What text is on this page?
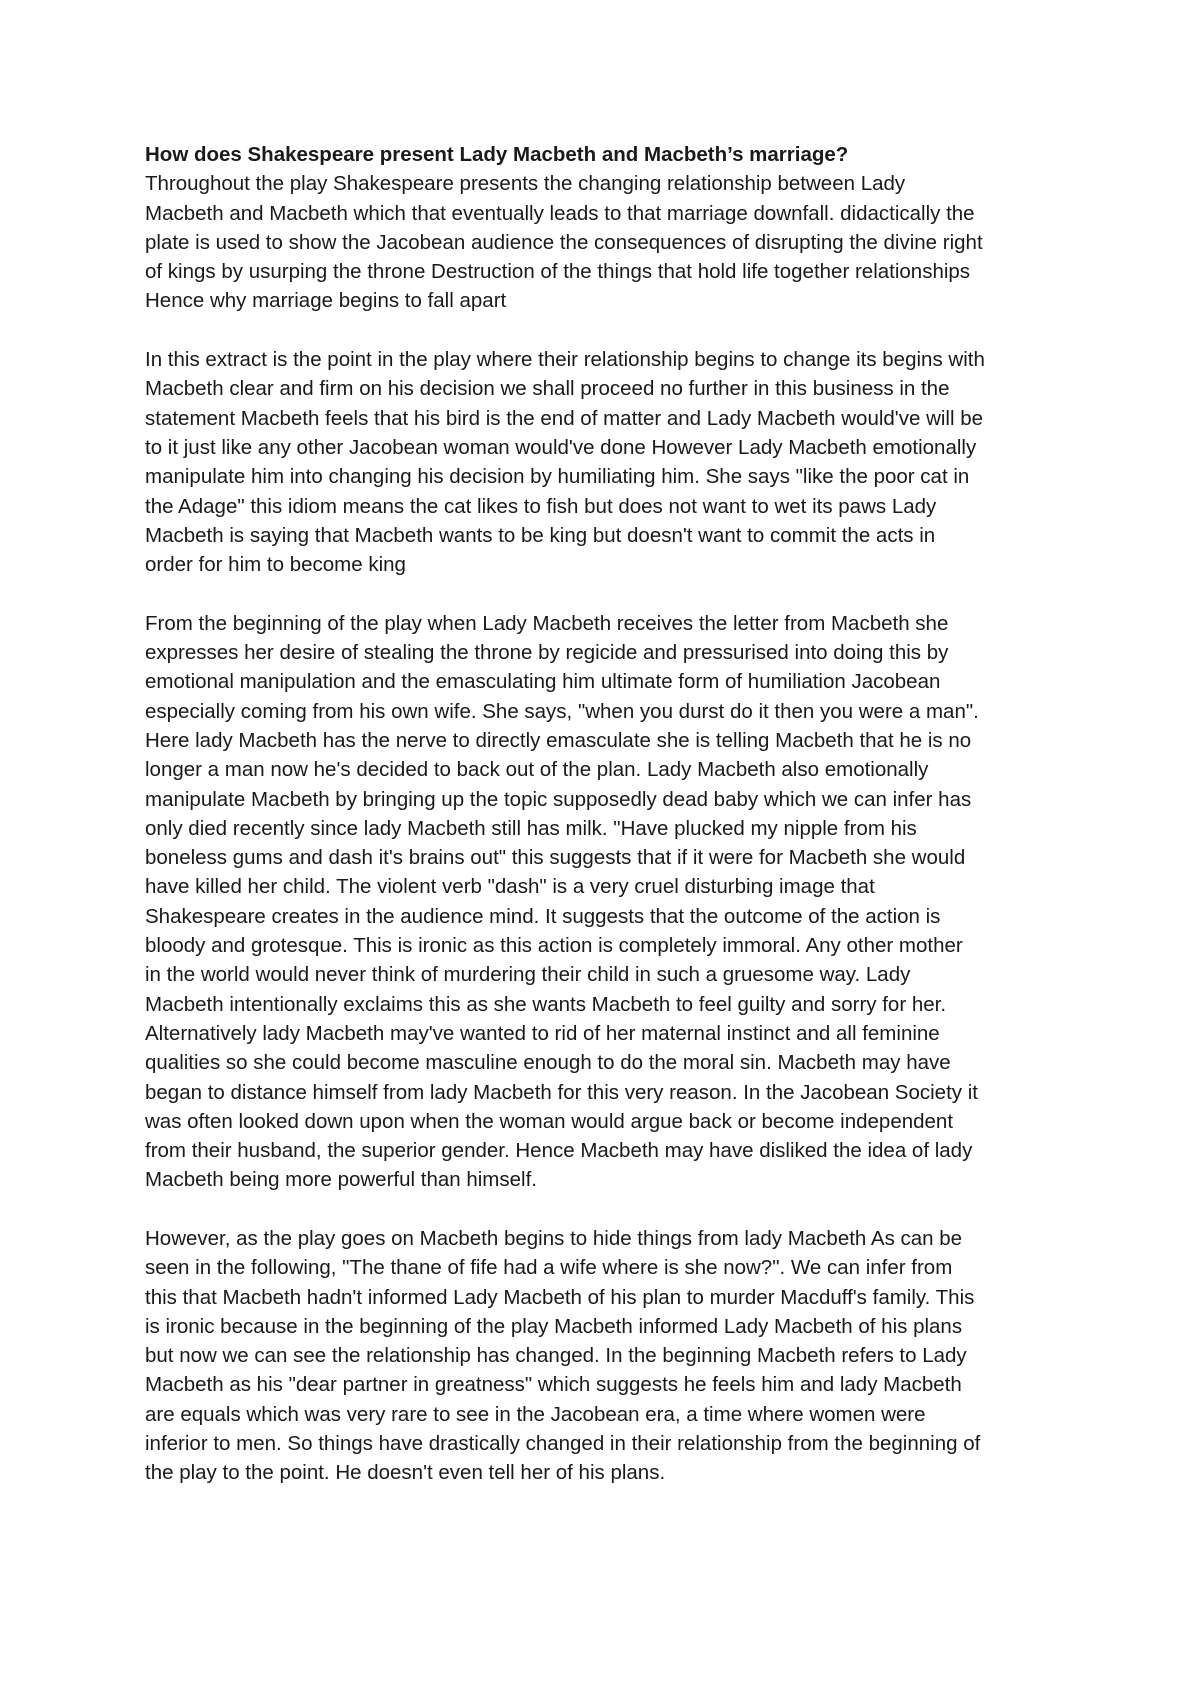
How does Shakespeare present Lady Macbeth and Macbeth’s marriage?
Throughout the play Shakespeare presents the changing relationship between Lady
Macbeth and Macbeth which that eventually leads to that marriage downfall. didactically the
plate is used to show the Jacobean audience the consequences of disrupting the divine right
of kings by usurping the throne Destruction of the things that hold life together relationships
Hence why marriage begins to fall apart
In this extract is the point in the play where their relationship begins to change its begins with
Macbeth clear and firm on his decision we shall proceed no further in this business in the
statement Macbeth feels that his bird is the end of matter and Lady Macbeth would've will be
to it just like any other Jacobean woman would've done However Lady Macbeth emotionally
manipulate him into changing his decision by humiliating him. She says "like the poor cat in
the Adage" this idiom means the cat likes to fish but does not want to wet its paws Lady
Macbeth is saying that Macbeth wants to be king but doesn't want to commit the acts in
order for him to become king
From the beginning of the play when Lady Macbeth receives the letter from Macbeth she
expresses her desire of stealing the throne by regicide and pressurised into doing this by
emotional manipulation and the emasculating him ultimate form of humiliation Jacobean
especially coming from his own wife. She says, "when you durst do it then you were a man".
Here lady Macbeth has the nerve to directly emasculate she is telling Macbeth that he is no
longer a man now he's decided to back out of the plan. Lady Macbeth also emotionally
manipulate Macbeth by bringing up the topic supposedly dead baby which we can infer has
only died recently since lady Macbeth still has milk. "Have plucked my nipple from his
boneless gums and dash it's brains out" this suggests that if it were for Macbeth she would
have killed her child. The violent verb "dash" is a very cruel disturbing image that
Shakespeare creates in the audience mind. It suggests that the outcome of the action is
bloody and grotesque. This is ironic as this action is completely immoral. Any other mother
in the world would never think of murdering their child in such a gruesome way. Lady
Macbeth intentionally exclaims this as she wants Macbeth to feel guilty and sorry for her.
Alternatively lady Macbeth may've wanted to rid of her maternal instinct and all feminine
qualities so she could become masculine enough to do the moral sin. Macbeth may have
began to distance himself from lady Macbeth for this very reason. In the Jacobean Society it
was often looked down upon when the woman would argue back or become independent
from their husband, the superior gender. Hence Macbeth may have disliked the idea of lady
Macbeth being more powerful than himself.
However, as the play goes on Macbeth begins to hide things from lady Macbeth As can be
seen in the following, "The thane of fife had a wife where is she now?". We can infer from
this that Macbeth hadn't informed Lady Macbeth of his plan to murder Macduff's family. This
is ironic because in the beginning of the play Macbeth informed Lady Macbeth of his plans
but now we can see the relationship has changed. In the beginning Macbeth refers to Lady
Macbeth as his "dear partner in greatness" which suggests he feels him and lady Macbeth
are equals which was very rare to see in the Jacobean era, a time where women were
inferior to men. So things have drastically changed in their relationship from the beginning of
the play to the point. He doesn't even tell her of his plans.
